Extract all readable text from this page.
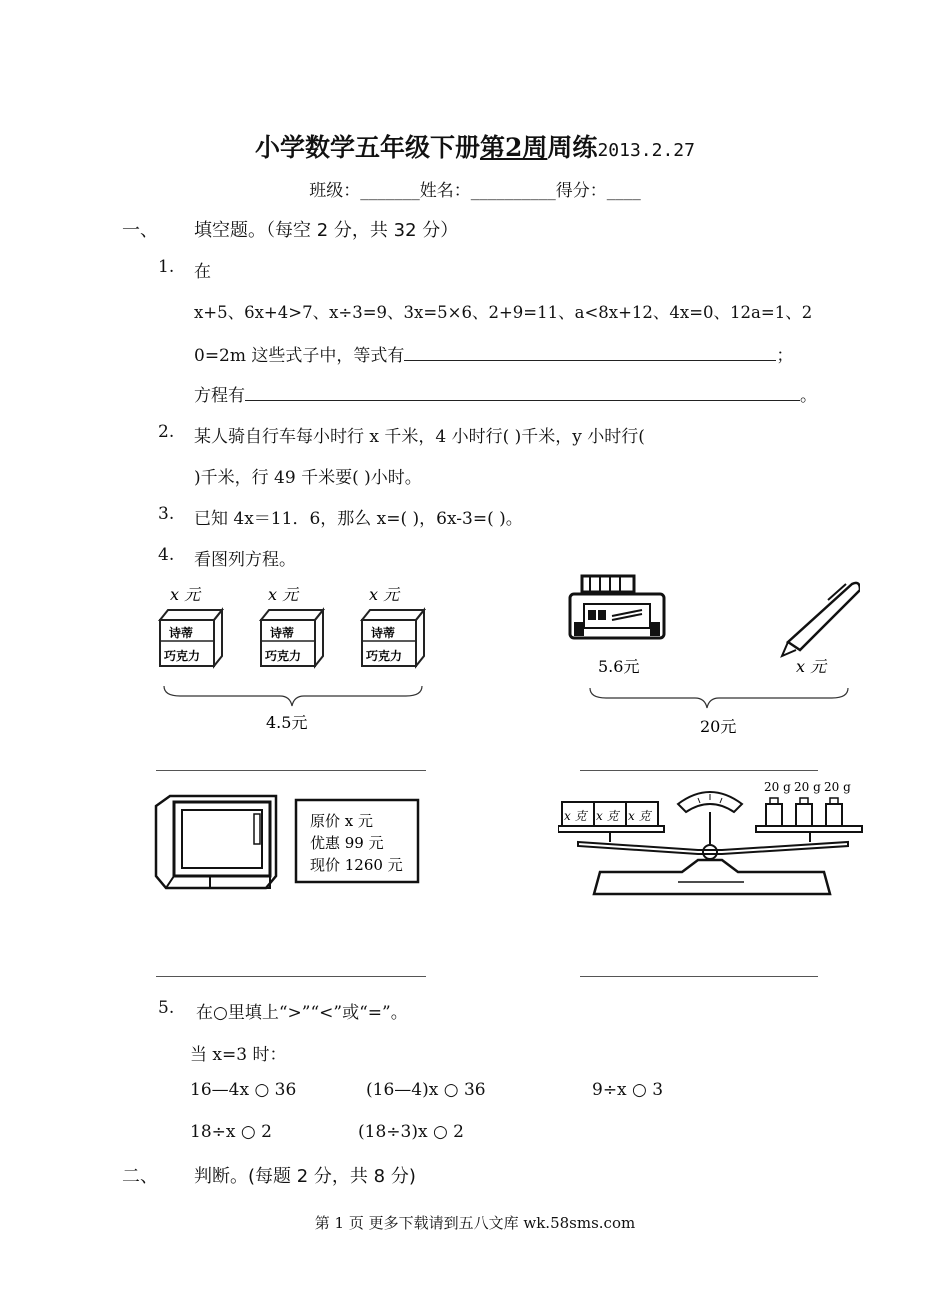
小学数学五年级下册第2周周练2013.2.27
班级：_______姓名：__________得分：____
一、 填空题。（每空 2 分，共 32 分）
1. 在
x+5、6x+4>7、x÷3=9、3x=5×6、2+9=11、a<8x+12、4x=0、12a=1、2
0=2m 这些式子中，等式有	；
方程有	。
2. 某人骑自行车每小时行 x 千米，4 小时行( )千米，y 小时行(
)千米，行 49 千米要( )小时。
3. 已知 4x＝11．6，那么 x=( )，6x-3=( )。
4. 看图列方程。
x 元
诗蒂
巧克力
x 元
诗蒂
巧克力
x 元
诗蒂
巧克力
4.5元
5.6元	x 元
20元
原价 x 元
优惠 99 元
现价 1260 元
x 克 x 克 x 克
20 g 20 g 20 g
5. 在○里填上“>”“<”或“=”。
当 x=3 时：
16—4x ○ 36	(16—4)x ○ 36	9÷x ○ 3
18÷x ○ 2	(18÷3)x ○ 2
二、 判断。(每题 2 分，共 8 分)
第 1 页 更多下载请到五八文库 wk.58sms.com
